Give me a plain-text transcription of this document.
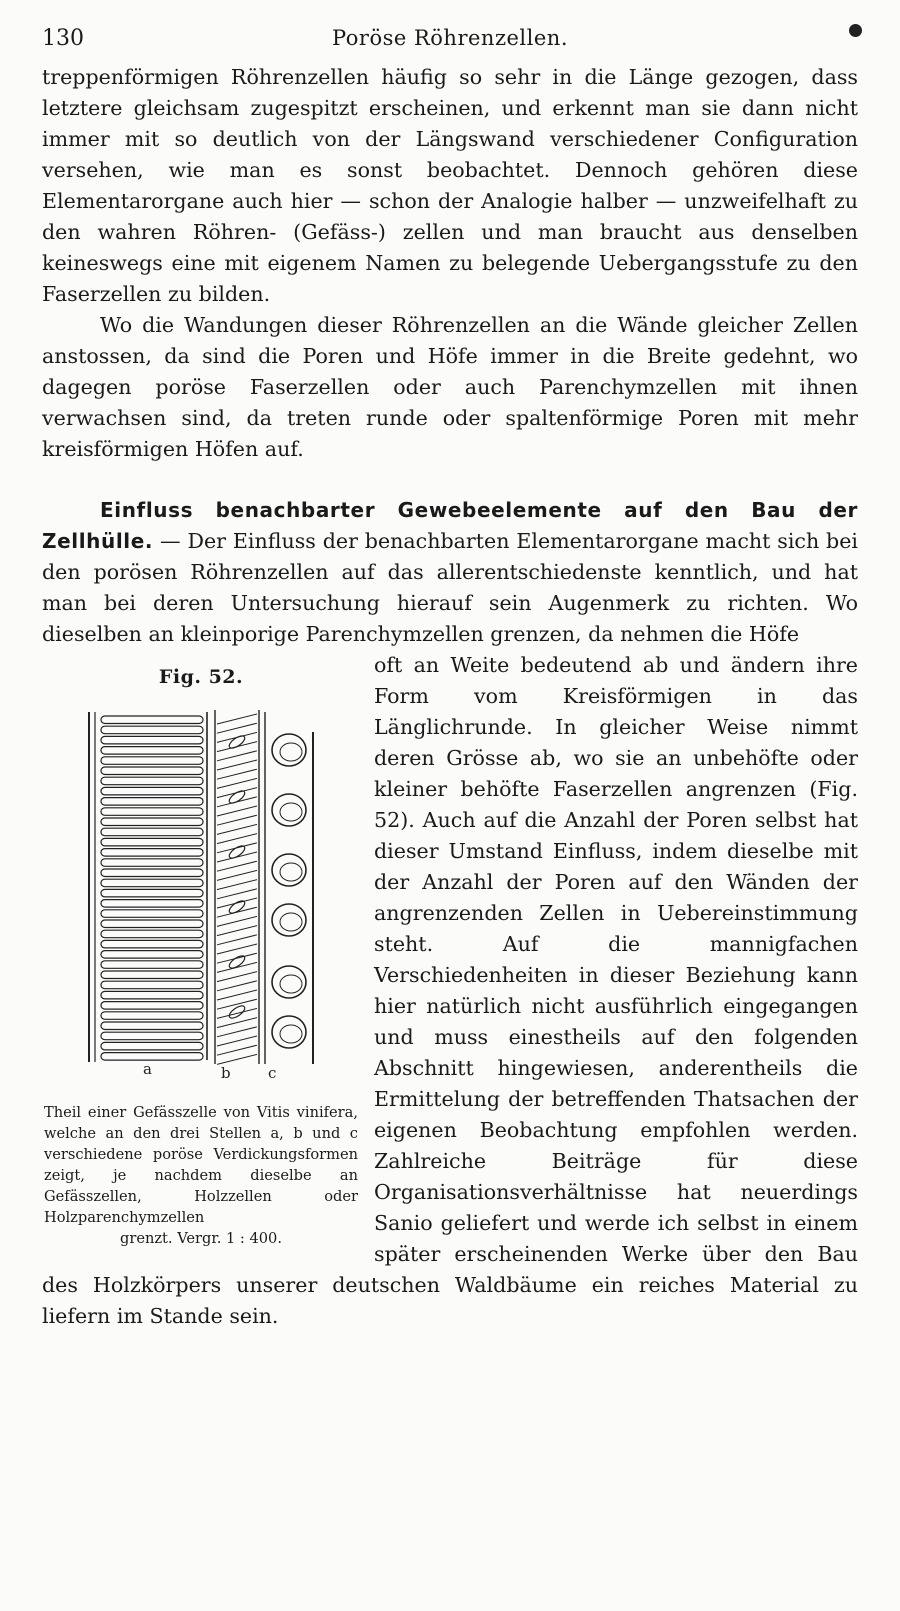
130	Poröse Röhrenzellen.

treppenförmigen Röhrenzellen häufig so sehr in die Länge gezogen, dass letztere gleichsam zugespitzt erscheinen, und erkennt man sie dann nicht immer mit so deutlich von der Längswand verschiedener Configuration versehen, wie man es sonst beobachtet. Dennoch gehören diese Elementarorgane auch hier — schon der Analogie halber — unzweifelhaft zu den wahren Röhren- (Gefäss-) zellen und man braucht aus denselben keineswegs eine mit eigenem Namen zu belegende Uebergangsstufe zu den Faserzellen zu bilden.

Wo die Wandungen dieser Röhrenzellen an die Wände gleicher Zellen anstossen, da sind die Poren und Höfe immer in die Breite gedehnt, wo dagegen poröse Faserzellen oder auch Parenchymzellen mit ihnen verwachsen sind, da treten runde oder spaltenförmige Poren mit mehr kreisförmigen Höfen auf.

Einfluss benachbarter Gewebeelemente auf den Bau der Zellhülle. — Der Einfluss der benachbarten Elementarorgane macht sich bei den porösen Röhrenzellen auf das allerentschiedenste kenntlich, und hat man bei deren Untersuchung hierauf sein Augenmerk zu richten. Wo dieselben an kleinporige Parenchymzellen grenzen, da nehmen die Höfe

Fig. 52.
a	b c
Theil einer Gefässzelle von Vitis vinifera, welche an den drei Stellen a, b und c verschiedene poröse Verdickungsformen zeigt, je nachdem dieselbe an Gefässzellen, Holzzellen oder Holzparenchymzellen
grenzt. Vergr. 1 : 400.

oft an Weite bedeutend ab und ändern ihre Form vom Kreisförmigen in das Länglichrunde. In gleicher Weise nimmt deren Grösse ab, wo sie an unbehöfte oder kleiner behöfte Faserzellen angrenzen (Fig. 52). Auch auf die Anzahl der Poren selbst hat dieser Umstand Einfluss, indem dieselbe mit der Anzahl der Poren auf den Wänden der angrenzenden Zellen in Uebereinstimmung steht. Auf die mannigfachen Verschiedenheiten in dieser Beziehung kann hier natürlich nicht ausführlich eingegangen und muss einestheils auf den folgenden Abschnitt hingewiesen, anderentheils die Ermittelung der betreffenden Thatsachen der eigenen Beobachtung empfohlen werden. Zahlreiche Beiträge für diese Organisationsverhältnisse hat neuerdings Sanio geliefert und werde ich selbst in einem später erscheinenden Werke über den Bau des Holzkörpers unserer deutschen Waldbäume ein reiches Material zu liefern im Stande sein.
